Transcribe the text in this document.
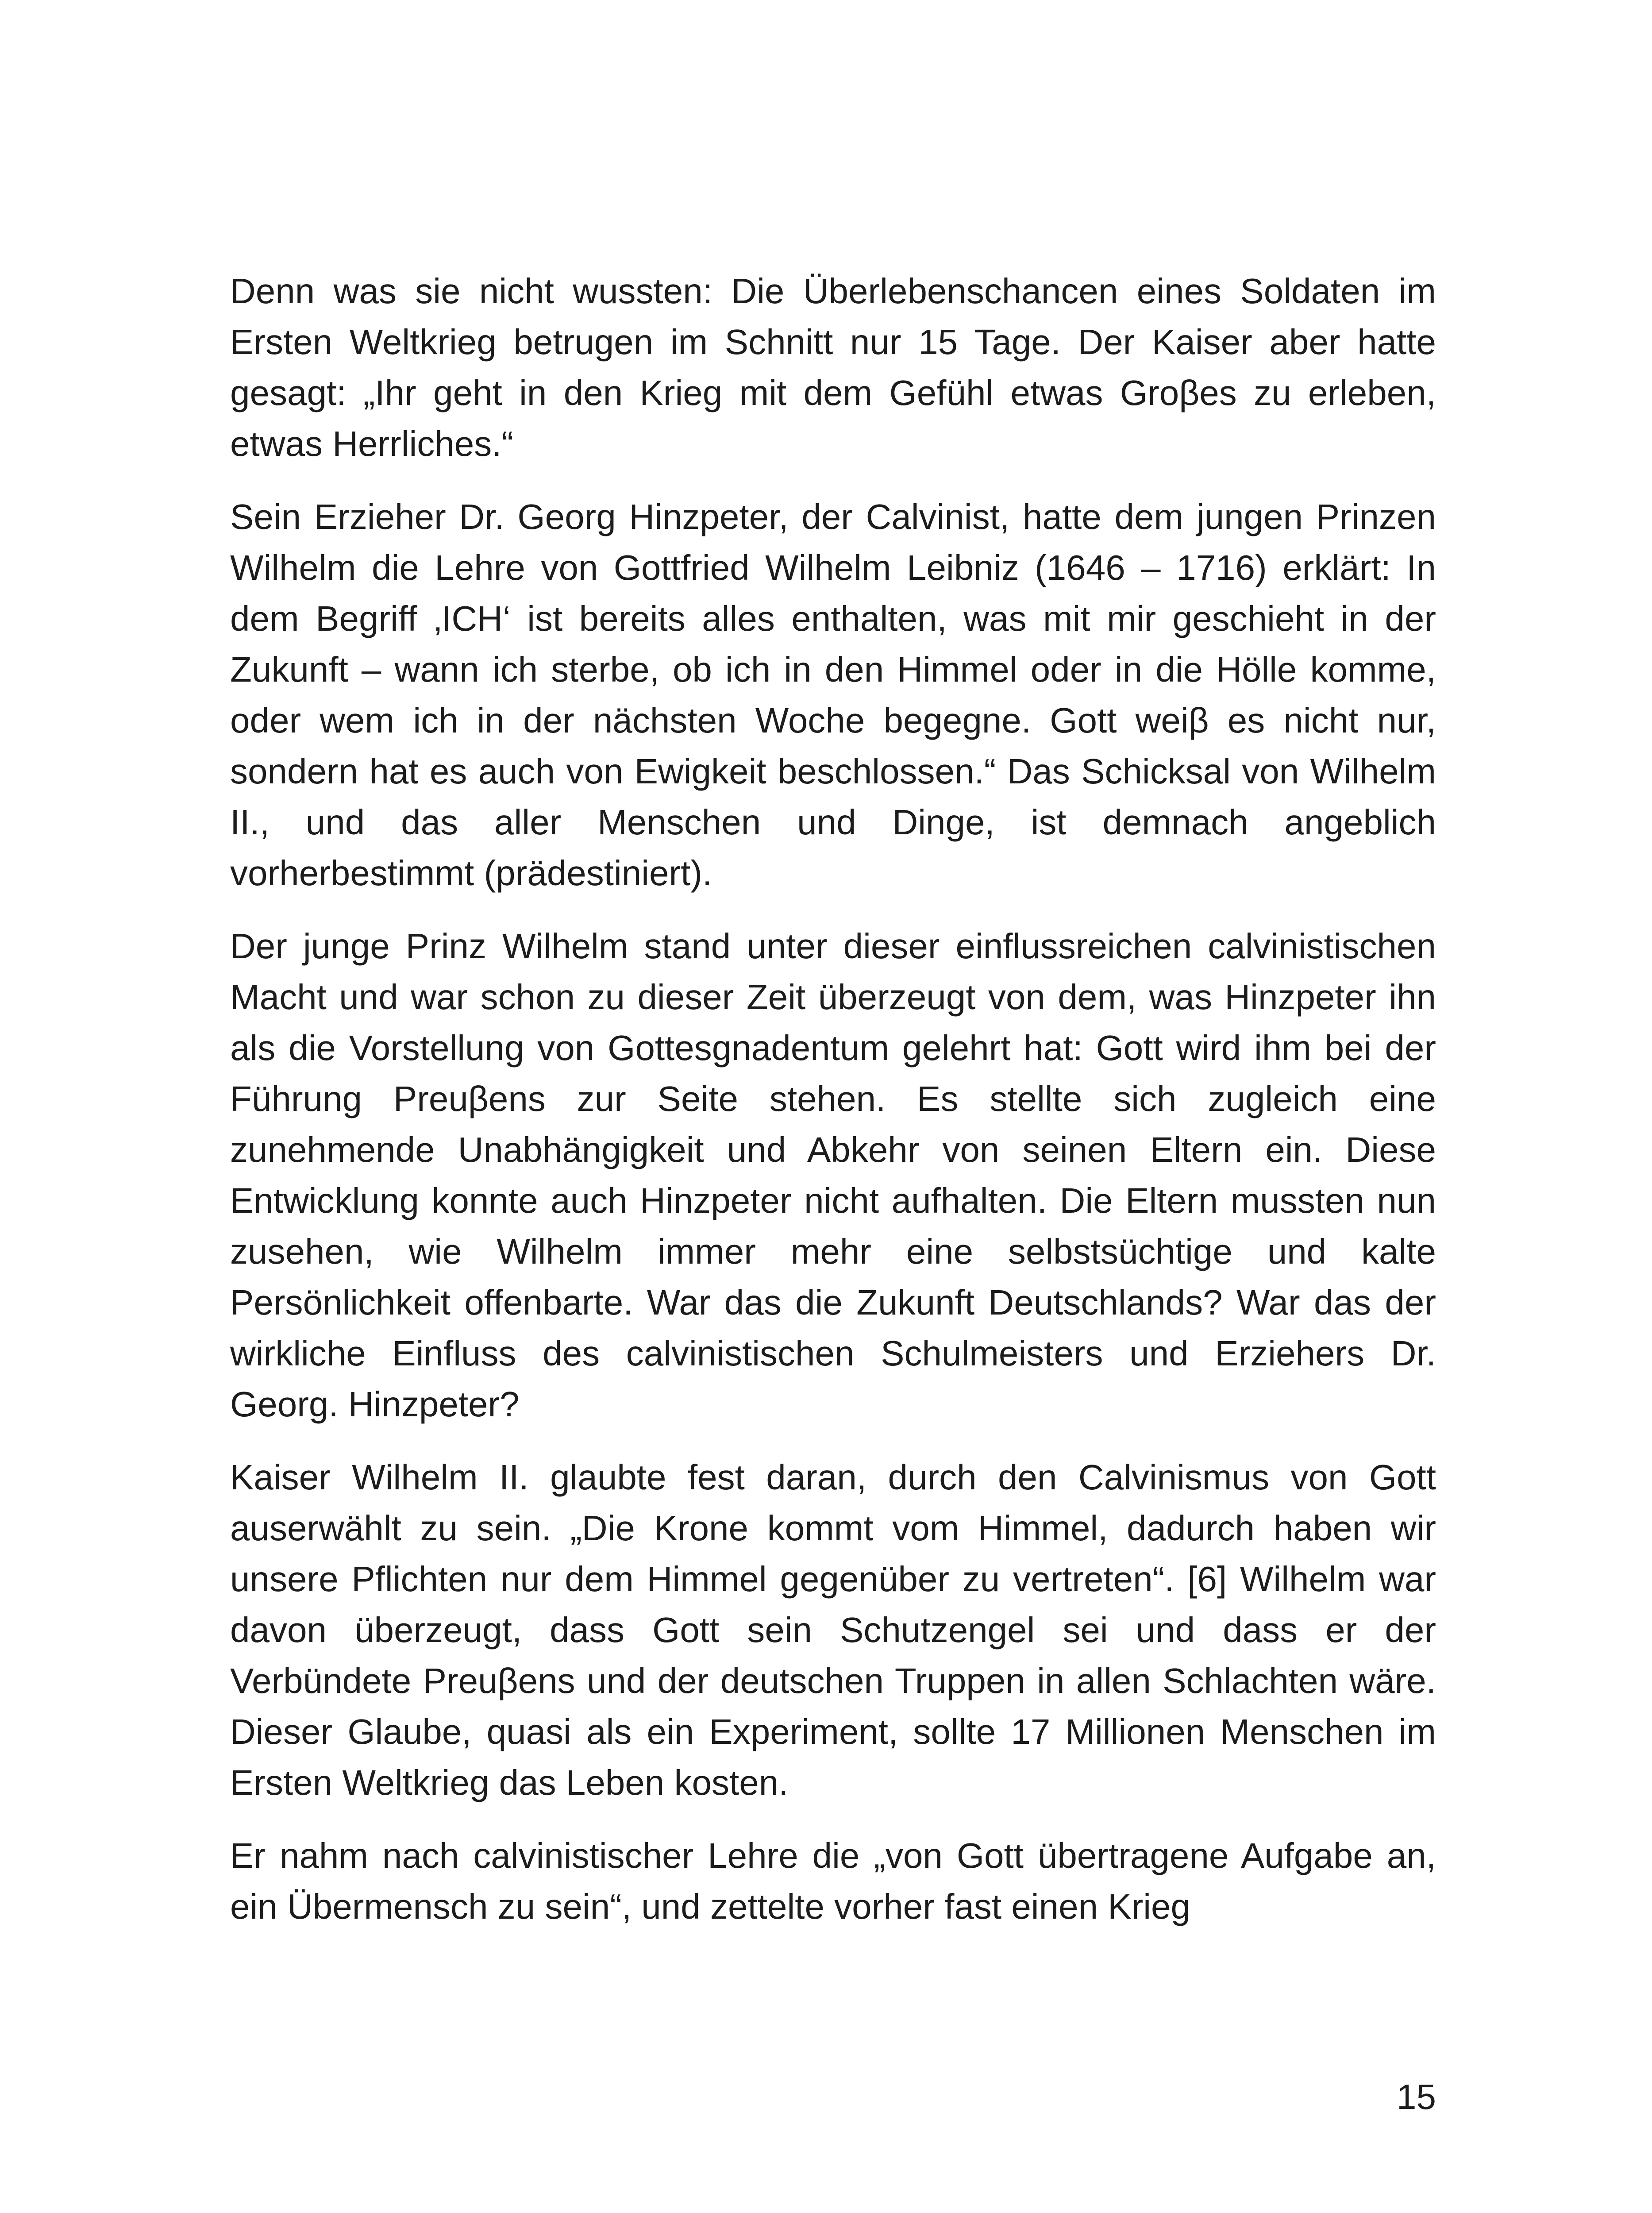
Denn was sie nicht wussten: Die Überlebenschancen eines Soldaten im Ersten Weltkrieg betrugen im Schnitt nur 15 Tage. Der Kaiser aber hatte gesagt: „Ihr geht in den Krieg mit dem Gefühl etwas Groβes zu erleben, etwas Herrliches.“

Sein Erzieher Dr. Georg Hinzpeter, der Calvinist, hatte dem jungen Prinzen Wilhelm die Lehre von Gottfried Wilhelm Leibniz (1646 – 1716) erklärt: In dem Begriff ‚ICH‘ ist bereits alles enthalten, was mit mir geschieht in der Zukunft – wann ich sterbe, ob ich in den Himmel oder in die Hölle komme, oder wem ich in der nächsten Woche begegne. Gott weiβ es nicht nur, sondern hat es auch von Ewigkeit beschlossen.“ Das Schicksal von Wilhelm II., und das aller Menschen und Dinge, ist demnach angeblich vorherbestimmt (prädestiniert).

Der junge Prinz Wilhelm stand unter dieser einflussreichen calvinistischen Macht und war schon zu dieser Zeit überzeugt von dem, was Hinzpeter ihn als die Vorstellung von Gottesgnadentum gelehrt hat: Gott wird ihm bei der Führung Preuβens zur Seite stehen. Es stellte sich zugleich eine zunehmende Unabhängigkeit und Abkehr von seinen Eltern ein. Diese Entwicklung konnte auch Hinzpeter nicht aufhalten. Die Eltern mussten nun zusehen, wie Wilhelm immer mehr eine selbstsüchtige und kalte Persönlichkeit offenbarte. War das die Zukunft Deutschlands? War das der wirkliche Einfluss des calvinistischen Schulmeisters und Erziehers Dr. Georg. Hinzpeter?

Kaiser Wilhelm II. glaubte fest daran, durch den Calvinismus von Gott auserwählt zu sein. „Die Krone kommt vom Himmel, dadurch haben wir unsere Pflichten nur dem Himmel gegenüber zu vertreten“. [6] Wilhelm war davon überzeugt, dass Gott sein Schutzengel sei und dass er der Verbündete Preuβens und der deutschen Truppen in allen Schlachten wäre. Dieser Glaube, quasi als ein Experiment, sollte 17 Millionen Menschen im Ersten Weltkrieg das Leben kosten.

Er nahm nach calvinistischer Lehre die „von Gott übertragene Aufgabe an, ein Übermensch zu sein“, und zettelte vorher fast einen Krieg

15
